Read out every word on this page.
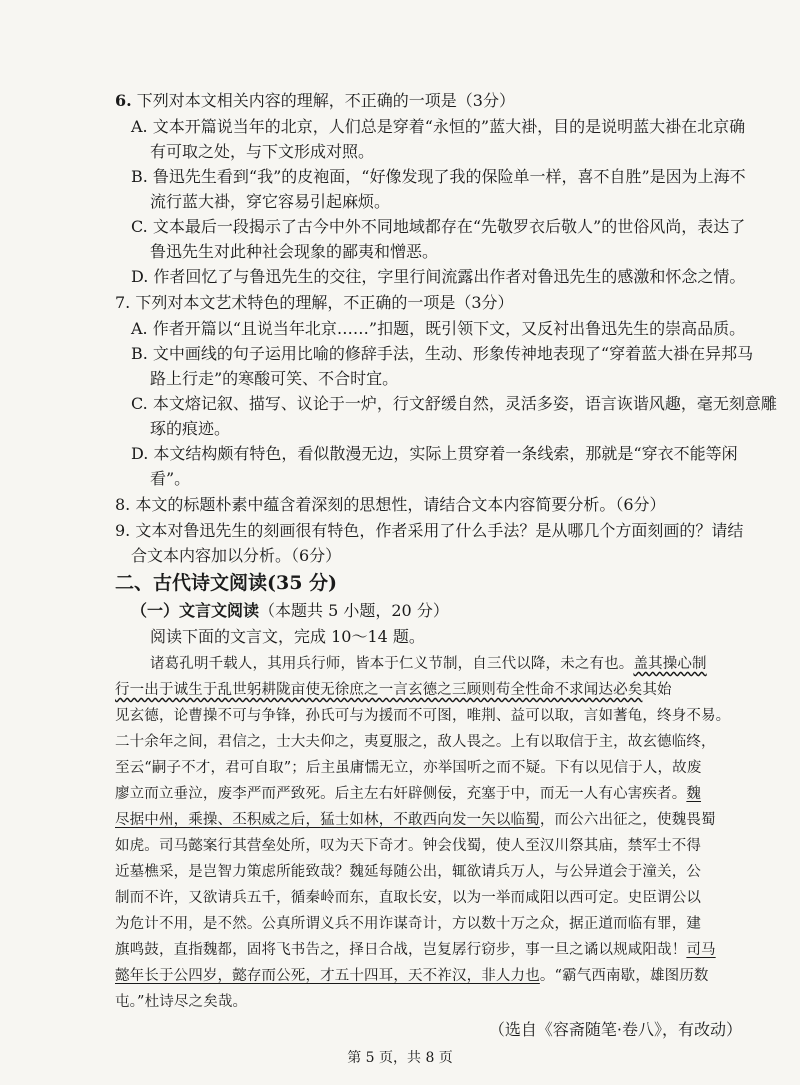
6. 下列对本文相关内容的理解，不正确的一项是（3分）
A. 文本开篇说当年的北京，人们总是穿着“永恒的”蓝大褂，目的是说明蓝大褂在北京确
有可取之处，与下文形成对照。
B. 鲁迅先生看到“我”的皮袍面，“好像发现了我的保险单一样，喜不自胜”是因为上海不
流行蓝大褂，穿它容易引起麻烦。
C. 文本最后一段揭示了古今中外不同地域都存在“先敬罗衣后敬人”的世俗风尚，表达了
鲁迅先生对此种社会现象的鄙夷和憎恶。
D. 作者回忆了与鲁迅先生的交往，字里行间流露出作者对鲁迅先生的感激和怀念之情。
7. 下列对本文艺术特色的理解，不正确的一项是（3分）
A. 作者开篇以“且说当年北京……”扣题，既引领下文，又反衬出鲁迅先生的崇高品质。
B. 文中画线的句子运用比喻的修辞手法，生动、形象传神地表现了“穿着蓝大褂在异邦马
路上行走”的寒酸可笑、不合时宜。
C. 本文熔记叙、描写、议论于一炉，行文舒缓自然，灵活多姿，语言诙谐风趣，毫无刻意雕
琢的痕迹。
D. 本文结构颇有特色，看似散漫无边，实际上贯穿着一条线索，那就是“穿衣不能等闲
看”。
8. 本文的标题朴素中蕴含着深刻的思想性，请结合文本内容简要分析。（6分）
9. 文本对鲁迅先生的刻画很有特色，作者采用了什么手法？是从哪几个方面刻画的？请结
合文本内容加以分析。（6分）
二、古代诗文阅读(35 分)
（一）文言文阅读（本题共 5 小题，20 分）
阅读下面的文言文，完成 10～14 题。
诸葛孔明千载人，其用兵行师，皆本于仁义节制，自三代以降，未之有也。盖其操心制
行一出于诚生于乱世躬耕陇亩使无徐庶之一言玄德之三顾则苟全性命不求闻达必矣其始
见玄德，论曹操不可与争锋，孙氏可与为援而不可图，唯荆、益可以取，言如蓍龟，终身不易。
二十余年之间，君信之，士大夫仰之，夷夏服之，敌人畏之。上有以取信于主，故玄德临终，
至云“嗣子不才，君可自取”；后主虽庸懦无立，亦举国听之而不疑。下有以见信于人，故废
廖立而立垂泣，废李严而严致死。后主左右奸辟侧佞，充塞于中，而无一人有心害疾者。魏
尽据中州，乘操、丕积威之后，猛士如林，不敢西向发一矢以临蜀，而公六出征之，使魏畏蜀
如虎。司马懿案行其营垒处所，叹为天下奇才。钟会伐蜀，使人至汉川祭其庙，禁军士不得
近墓樵采，是岂智力策虑所能致哉？魏延每随公出，辄欲请兵万人，与公异道会于潼关，公
制而不许，又欲请兵五千，循秦岭而东，直取长安，以为一举而咸阳以西可定。史臣谓公以
为危计不用，是不然。公真所谓义兵不用诈谋奇计，方以数十万之众，据正道而临有罪，建
旗鸣鼓，直指魏都，固将飞书告之，择日合战，岂复孱行窃步，事一旦之谲以规咸阳哉！司马
懿年长于公四岁，懿存而公死，才五十四耳，天不祚汉，非人力也。“霸气西南歇，雄图历数
屯。”杜诗尽之矣哉。
（选自《容斋随笔·卷八》，有改动）
第 5 页，共 8 页
